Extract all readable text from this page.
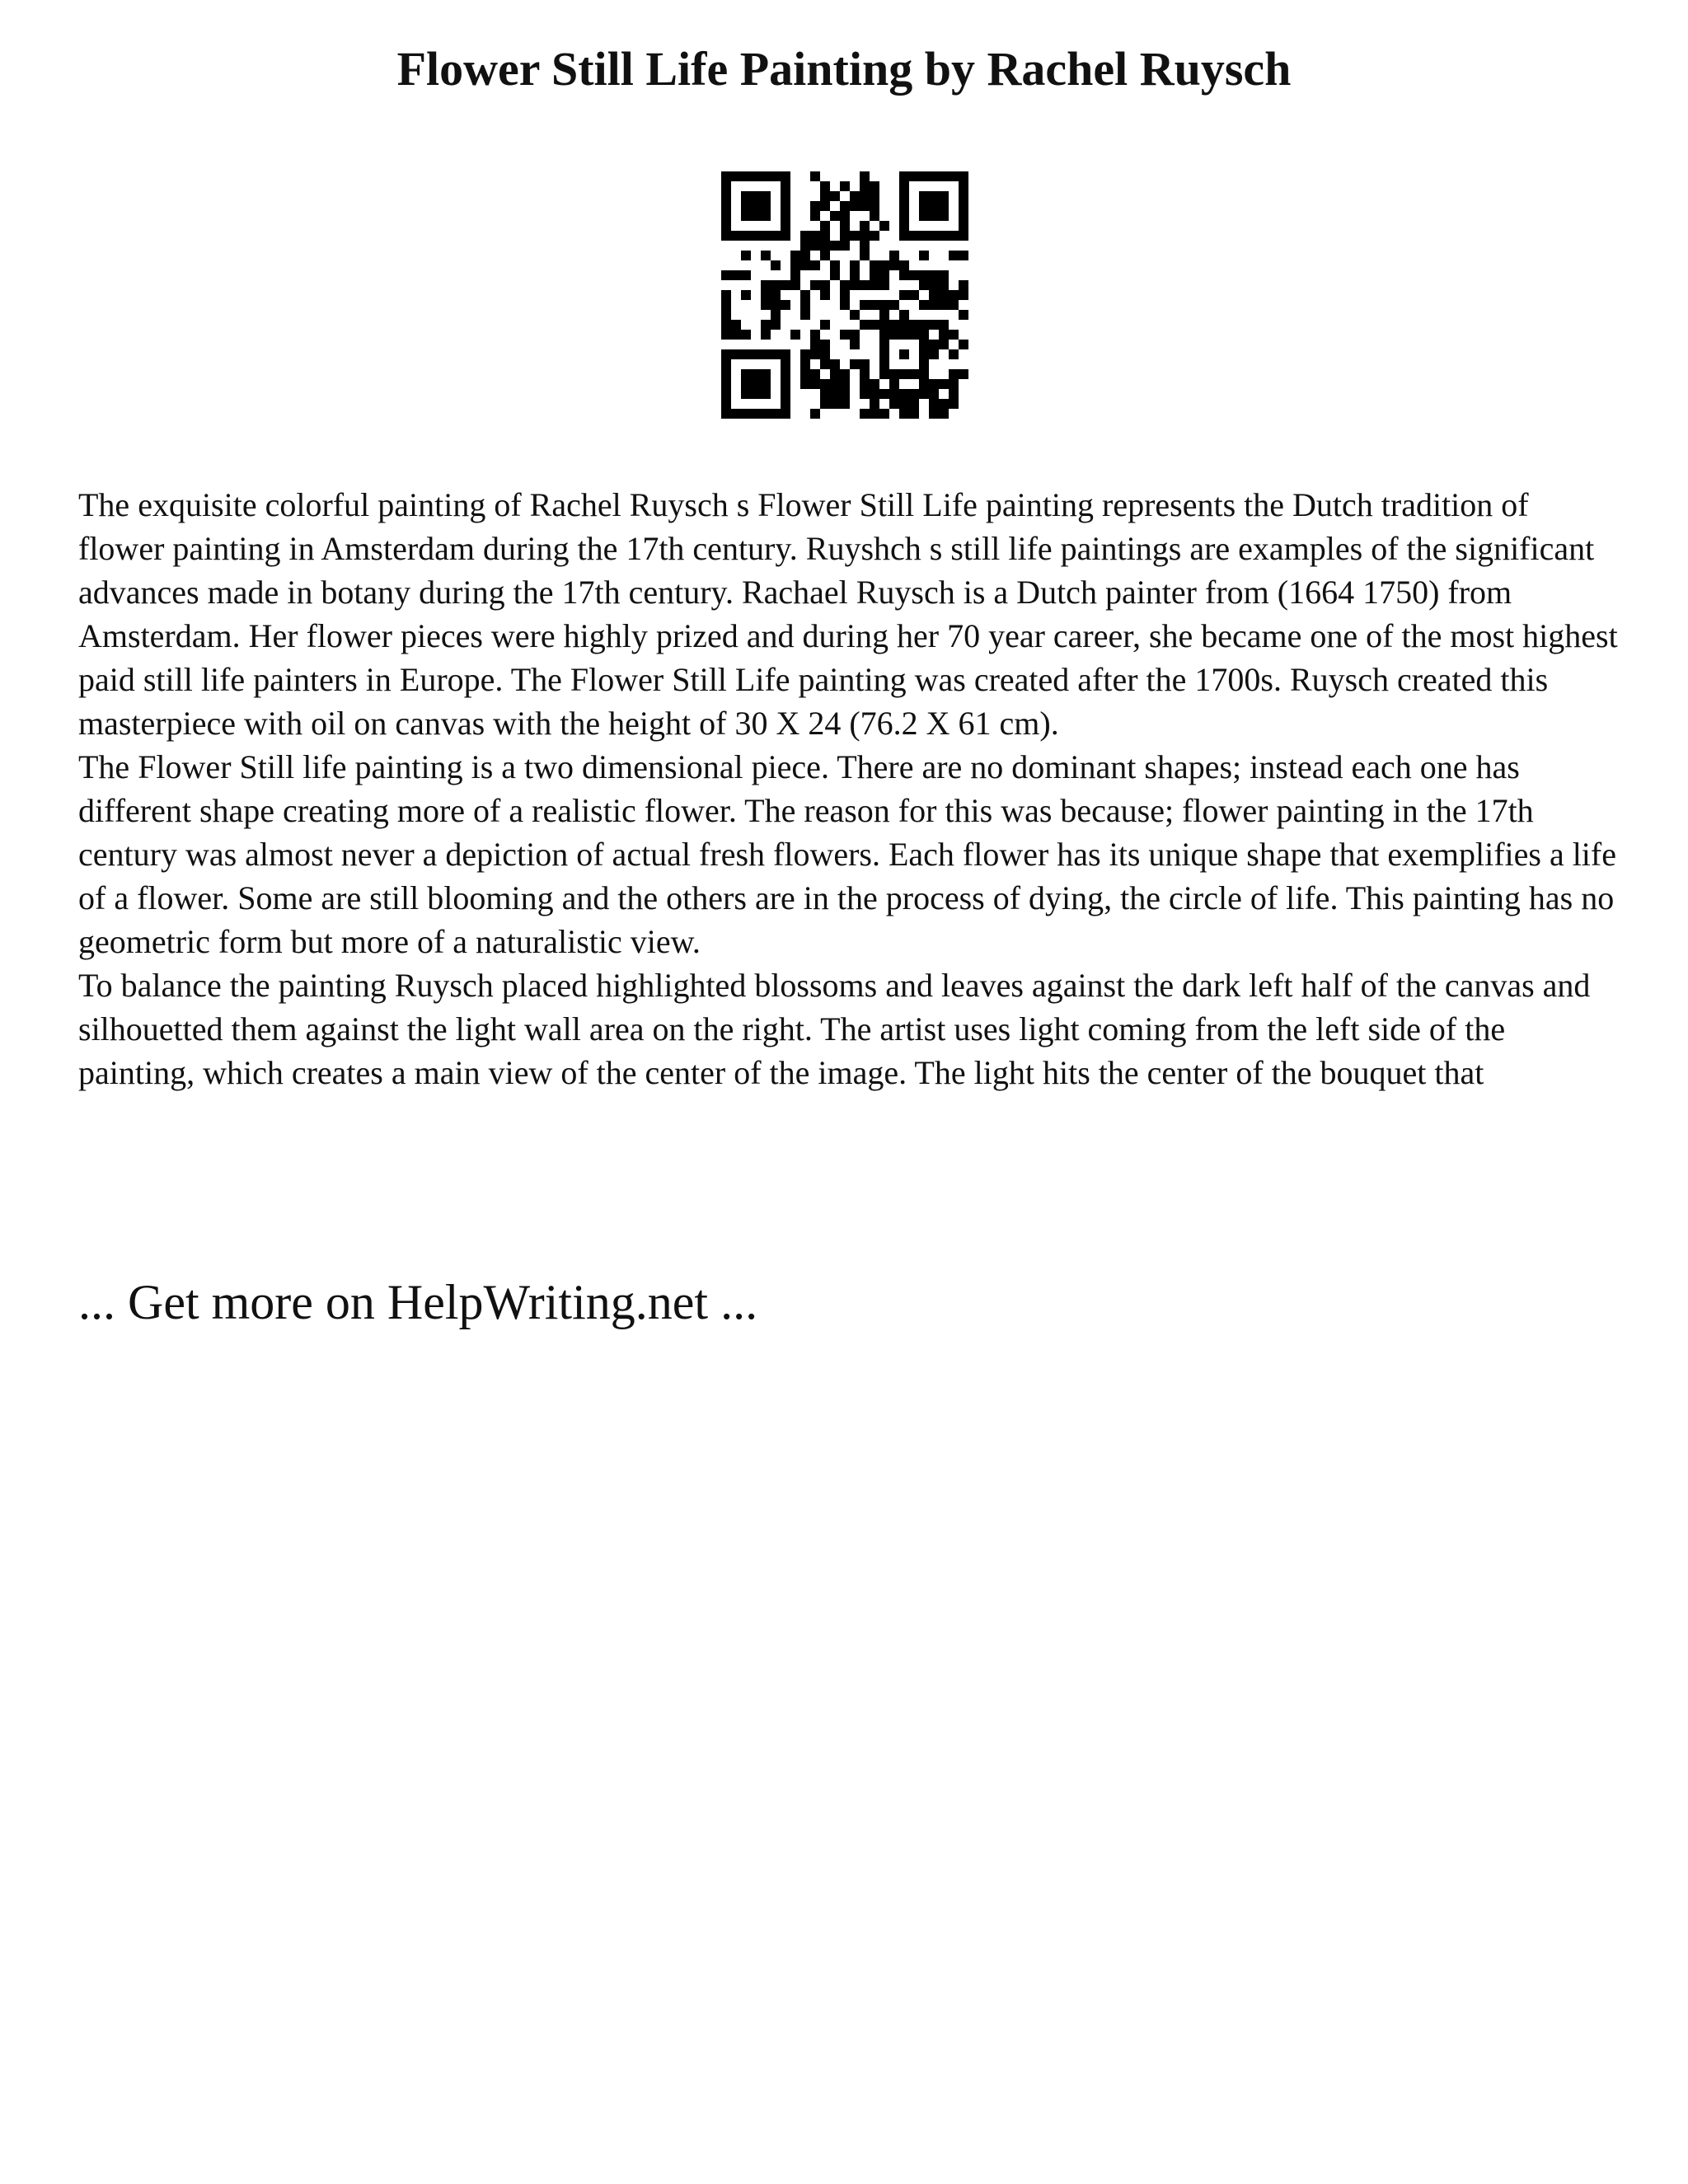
Flower Still Life Painting by Rachel Ruysch

The exquisite colorful painting of Rachel Ruysch s Flower Still Life painting represents the Dutch tradition of flower painting in Amsterdam during the 17th century. Ruyshch s still life paintings are examples of the significant advances made in botany during the 17th century. Rachael Ruysch is a Dutch painter from (1664 1750) from Amsterdam. Her flower pieces were highly prized and during her 70 year career, she became one of the most highest paid still life painters in Europe. The Flower Still Life painting was created after the 1700s. Ruysch created this masterpiece with oil on canvas with the height of 30 X 24 (76.2 X 61 cm).

The Flower Still life painting is a two dimensional piece. There are no dominant shapes; instead each one has different shape creating more of a realistic flower. The reason for this was because; flower painting in the 17th century was almost never a depiction of actual fresh flowers. Each flower has its unique shape that exemplifies a life of a flower. Some are still blooming and the others are in the process of dying, the circle of life. This painting has no geometric form but more of a naturalistic view.

To balance the painting Ruysch placed highlighted blossoms and leaves against the dark left half of the canvas and silhouetted them against the light wall area on the right. The artist uses light coming from the left side of the painting, which creates a main view of the center of the image. The light hits the center of the bouquet that

... Get more on HelpWriting.net ...
